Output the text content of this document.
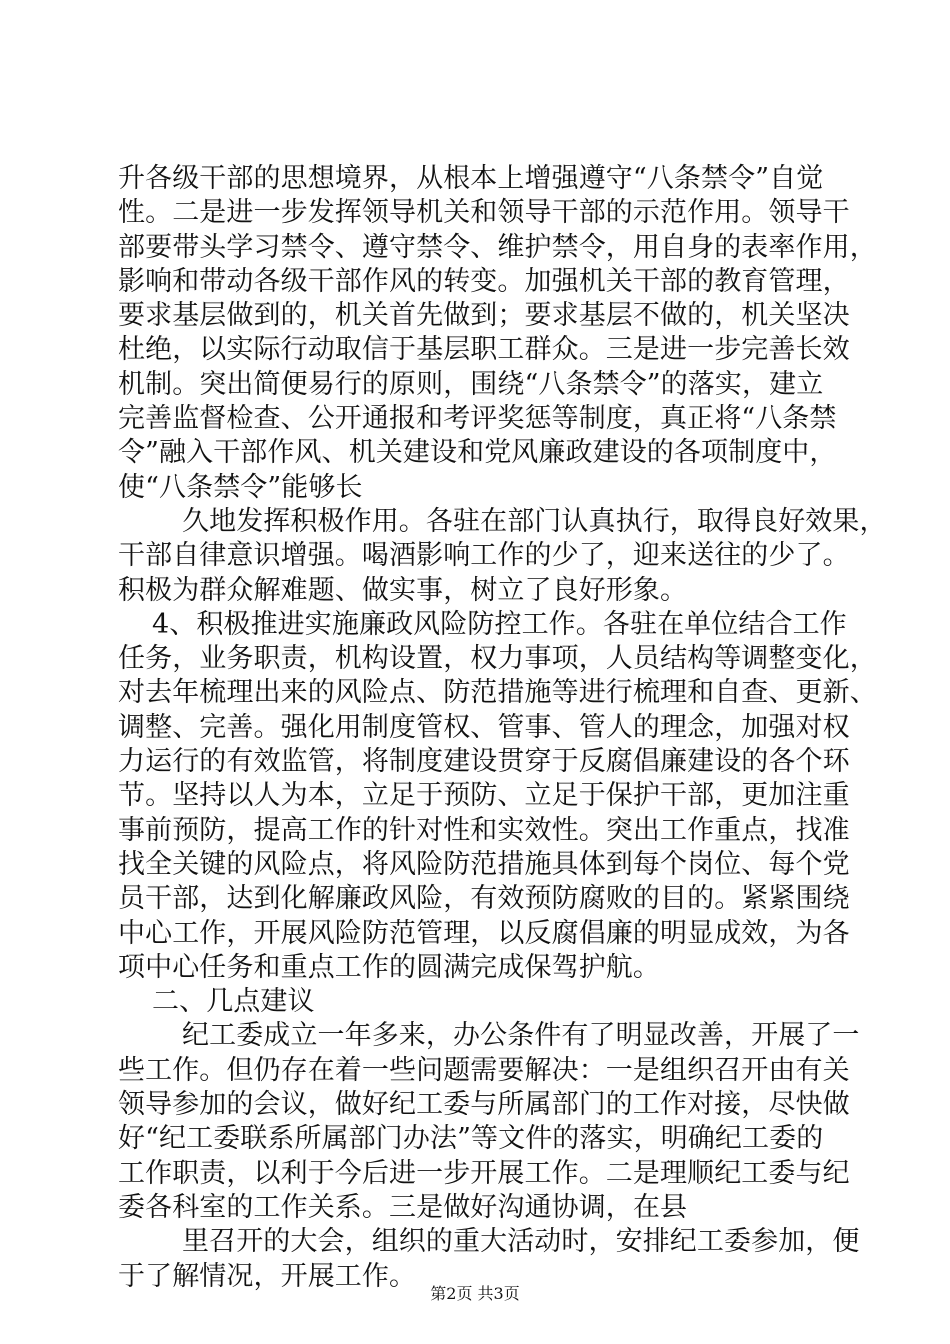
升各级干部的思想境界，从根本上增强遵守“八条禁令”自觉
性。二是进一步发挥领导机关和领导干部的示范作用。领导干
部要带头学习禁令、遵守禁令、维护禁令，用自身的表率作用，
影响和带动各级干部作风的转变。加强机关干部的教育管理，
要求基层做到的，机关首先做到；要求基层不做的，机关坚决
杜绝，以实际行动取信于基层职工群众。三是进一步完善长效
机制。突出简便易行的原则，围绕“八条禁令”的落实，建立
完善监督检查、公开通报和考评奖惩等制度，真正将“八条禁
令”融入干部作风、机关建设和党风廉政建设的各项制度中，
使“八条禁令”能够长
久地发挥积极作用。各驻在部门认真执行，取得良好效果，
干部自律意识增强。喝酒影响工作的少了，迎来送往的少了。
积极为群众解难题、做实事，树立了良好形象。
4、积极推进实施廉政风险防控工作。各驻在单位结合工作
任务，业务职责，机构设置，权力事项，人员结构等调整变化，
对去年梳理出来的风险点、防范措施等进行梳理和自查、更新、
调整、完善。强化用制度管权、管事、管人的理念，加强对权
力运行的有效监管，将制度建设贯穿于反腐倡廉建设的各个环
节。坚持以人为本，立足于预防、立足于保护干部，更加注重
事前预防，提高工作的针对性和实效性。突出工作重点，找准
找全关键的风险点，将风险防范措施具体到每个岗位、每个党
员干部，达到化解廉政风险，有效预防腐败的目的。紧紧围绕
中心工作，开展风险防范管理，以反腐倡廉的明显成效，为各
项中心任务和重点工作的圆满完成保驾护航。
二、几点建议
纪工委成立一年多来，办公条件有了明显改善，开展了一
些工作。但仍存在着一些问题需要解决：一是组织召开由有关
领导参加的会议，做好纪工委与所属部门的工作对接，尽快做
好“纪工委联系所属部门办法”等文件的落实，明确纪工委的
工作职责，以利于今后进一步开展工作。二是理顺纪工委与纪
委各科室的工作关系。三是做好沟通协调，在县
里召开的大会，组织的重大活动时，安排纪工委参加，便
于了解情况，开展工作。
第2页 共3页
